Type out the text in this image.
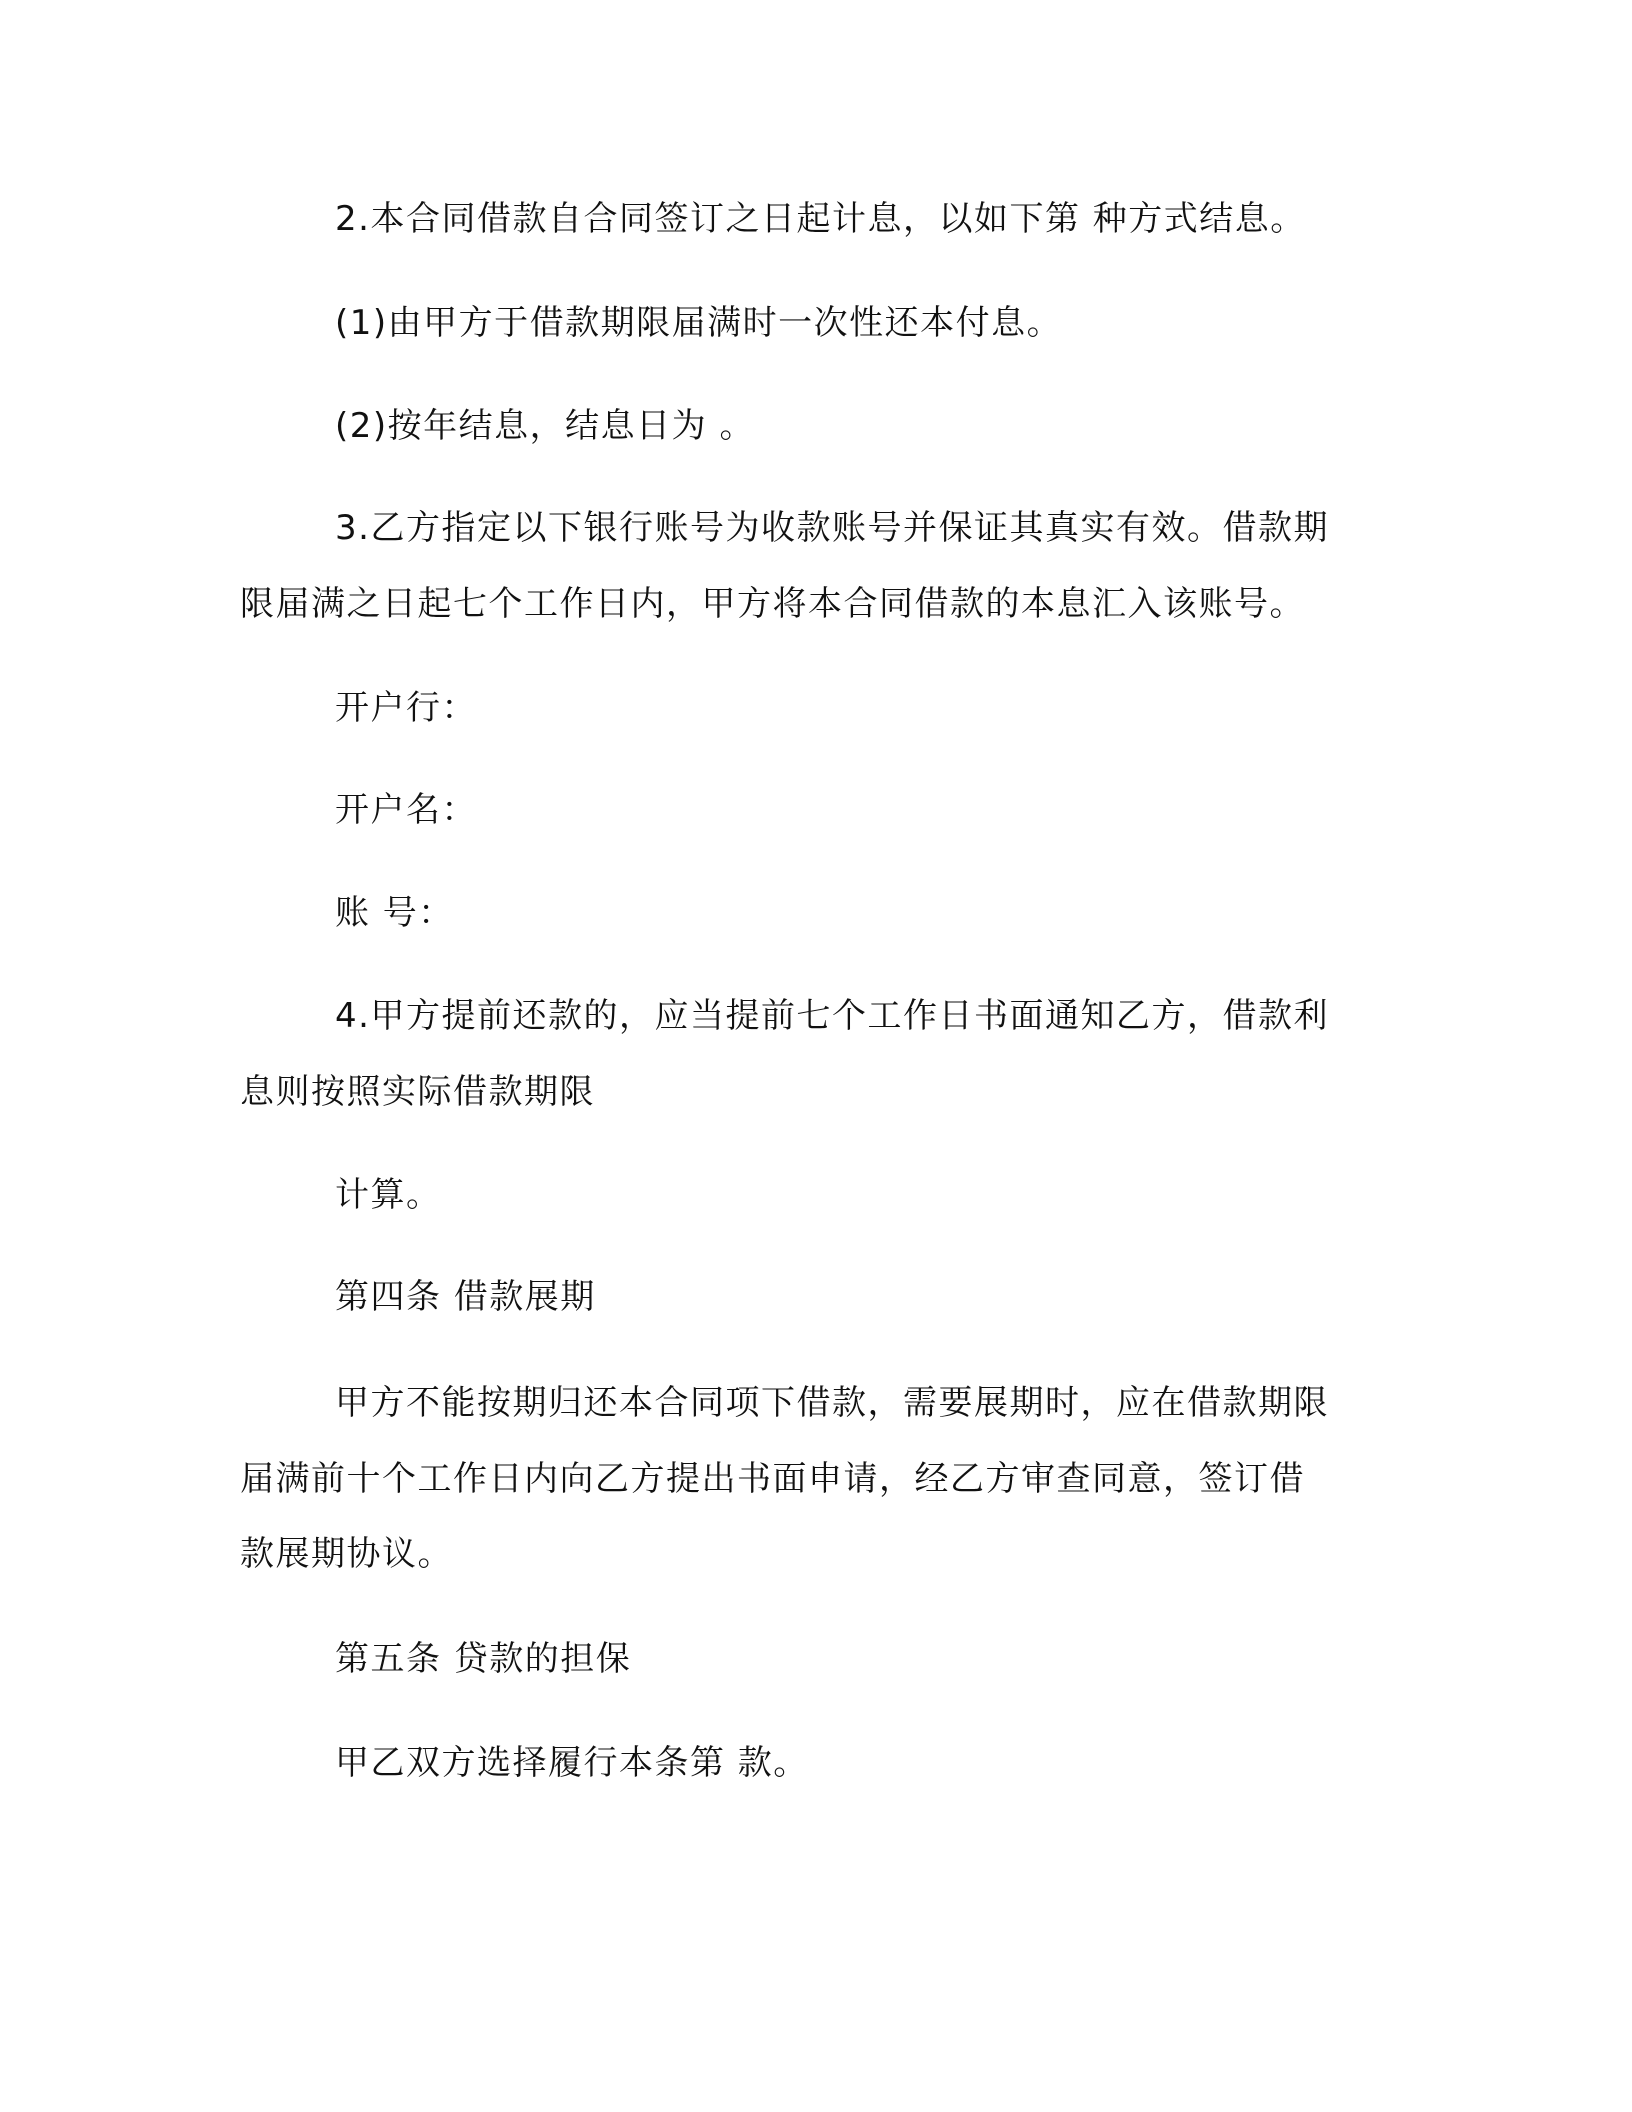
2.本合同借款自合同签订之日起计息，以如下第 种方式结息。
(1)由甲方于借款期限届满时一次性还本付息。
(2)按年结息，结息日为 。
3.乙方指定以下银行账号为收款账号并保证其真实有效。借款期
限届满之日起七个工作日内，甲方将本合同借款的本息汇入该账号。
开户行：
开户名：
账 号：
4.甲方提前还款的，应当提前七个工作日书面通知乙方，借款利
息则按照实际借款期限
计算。
第四条 借款展期
甲方不能按期归还本合同项下借款，需要展期时，应在借款期限
届满前十个工作日内向乙方提出书面申请，经乙方审查同意，签订借
款展期协议。
第五条 贷款的担保
甲乙双方选择履行本条第 款。
